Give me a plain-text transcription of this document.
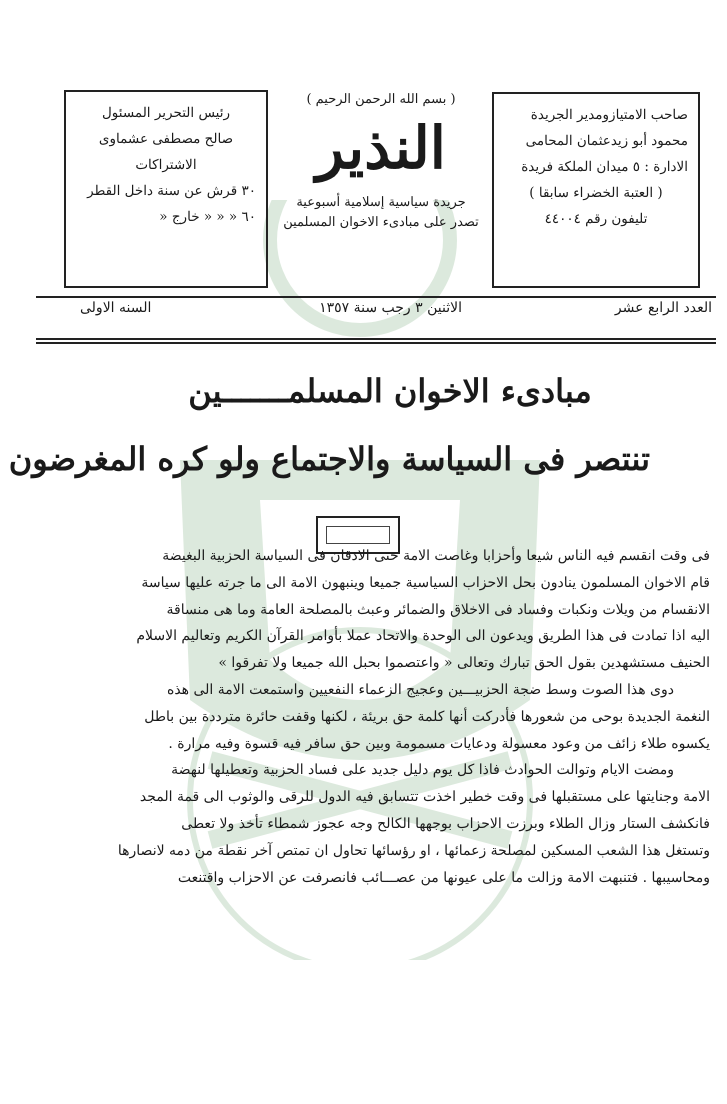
صاحب الامتيازومدير الجريدة
محمود أبو زيدعثمان المحامى
الادارة : ٥ ميدان الملكة فريدة
( العتبة الخضراء سابقا )
تليفون رقم ٤٤٠٠٤
( بسم الله الرحمن الرحيم )
النذير
جريدة سياسية إسلامية أسبوعية
تصدر على مبادىء الاخوان المسلمين
رئيس التحرير المسئول
صالح مصطفى عشماوى
الاشتراكات
٣٠ قرش عن سنة داخل القطر
٦٠ « « « خارج «
العدد الرابع عشر
الاثنين ٣ رجب سنة ١٣٥٧
السنه الاولى
مبادىء الاخوان المسلمـــــــين
تنتصر فى السياسة والاجتماع ولو كره المغرضون
فى وقت انقسم فيه الناس شيعا وأحزابا وغاصت الامة حتى الاذقان فى السياسة الحزبية البغيضة
قام الاخوان المسلمون ينادون بحل الاحزاب السياسية جميعا وينبهون الامة الى ما جرته عليها سياسة
الانقسام من ويلات ونكبات وفساد فى الاخلاق والضمائر وعبث بالمصلحة العامة وما هى منساقة
اليه اذا تمادت فى هذا الطريق ويدعون الى الوحدة والاتحاد عملا بأوامر القرآن الكريم وتعاليم الاسلام
الحنيف مستشهدين بقول الحق تبارك وتعالى « واعتصموا بحبل الله جميعا ولا تفرقوا »
دوى هذا الصوت وسط ضجة الحزبيـــين وعجيج الزعماء النفعيين واستمعت الامة الى هذه
النغمة الجديدة بوحى من شعورها فأدركت أنها كلمة حق بريئة ، لكنها وقفت حائرة مترددة بين باطل
يكسوه طلاء زائف من وعود معسولة ودعايات مسمومة وبين حق سافر فيه قسوة وفيه مرارة .
ومضت الايام وتوالت الحوادث فاذا كل يوم دليل جديد على فساد الحزبية وتعطيلها لنهضة
الامة وجنايتها على مستقبلها فى وقت خطير اخذت تتسابق فيه الدول للرقى والوثوب الى قمة المجد
فانكشف الستار وزال الطلاء وبرزت الاحزاب بوجهها الكالح وجه عجوز شمطاء تأخذ ولا تعطى
وتستغل هذا الشعب المسكين لمصلحة زعمائها ، او رؤسائها تحاول ان تمتص آخر نقطة من دمه لانصارها
ومحاسيبها . فتنبهت الامة وزالت ما على عيونها من عصـــائب فانصرفت عن الاحزاب واقتنعت
